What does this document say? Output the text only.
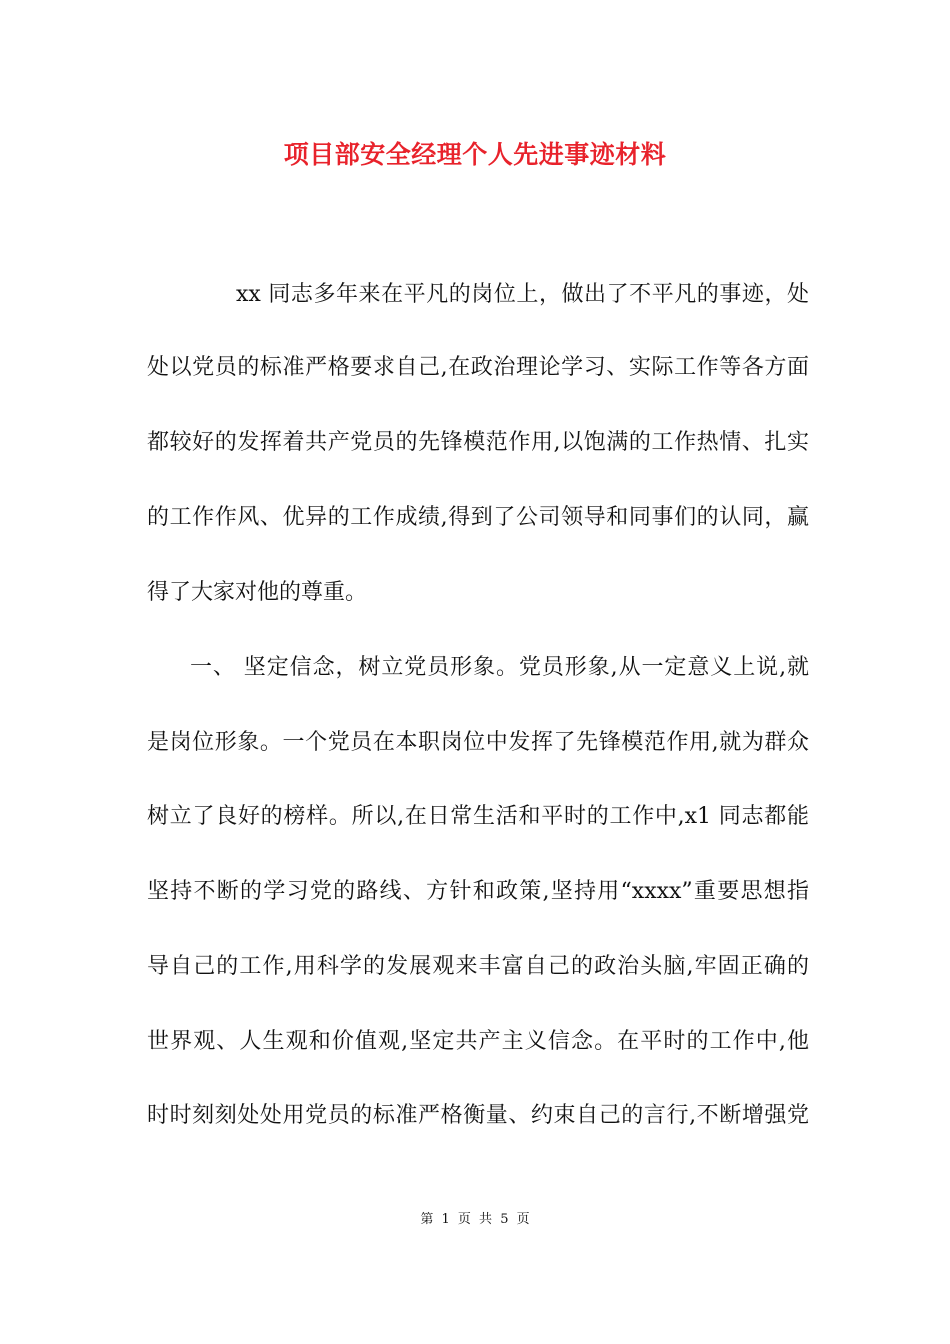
项目部安全经理个人先进事迹材料
xx 同志多年来在平凡的岗位上，做出了不平凡的事迹，处
处以党员的标准严格要求自己,在政治理论学习、实际工作等各方面
都较好的发挥着共产党员的先锋模范作用,以饱满的工作热情、扎实
的工作作风、优异的工作成绩,得到了公司领导和同事们的认同，赢
得了大家对他的尊重。
一、 坚定信念，树立党员形象。党员形象,从一定意义上说,就
是岗位形象。一个党员在本职岗位中发挥了先锋模范作用,就为群众
树立了良好的榜样。所以,在日常生活和平时的工作中,x1 同志都能
坚持不断的学习党的路线、方针和政策,坚持用“xxxx”重要思想指
导自己的工作,用科学的发展观来丰富自己的政治头脑,牢固正确的
世界观、人生观和价值观,坚定共产主义信念。在平时的工作中,他
时时刻刻处处用党员的标准严格衡量、约束自己的言行,不断增强党
第 1 页 共 5 页
